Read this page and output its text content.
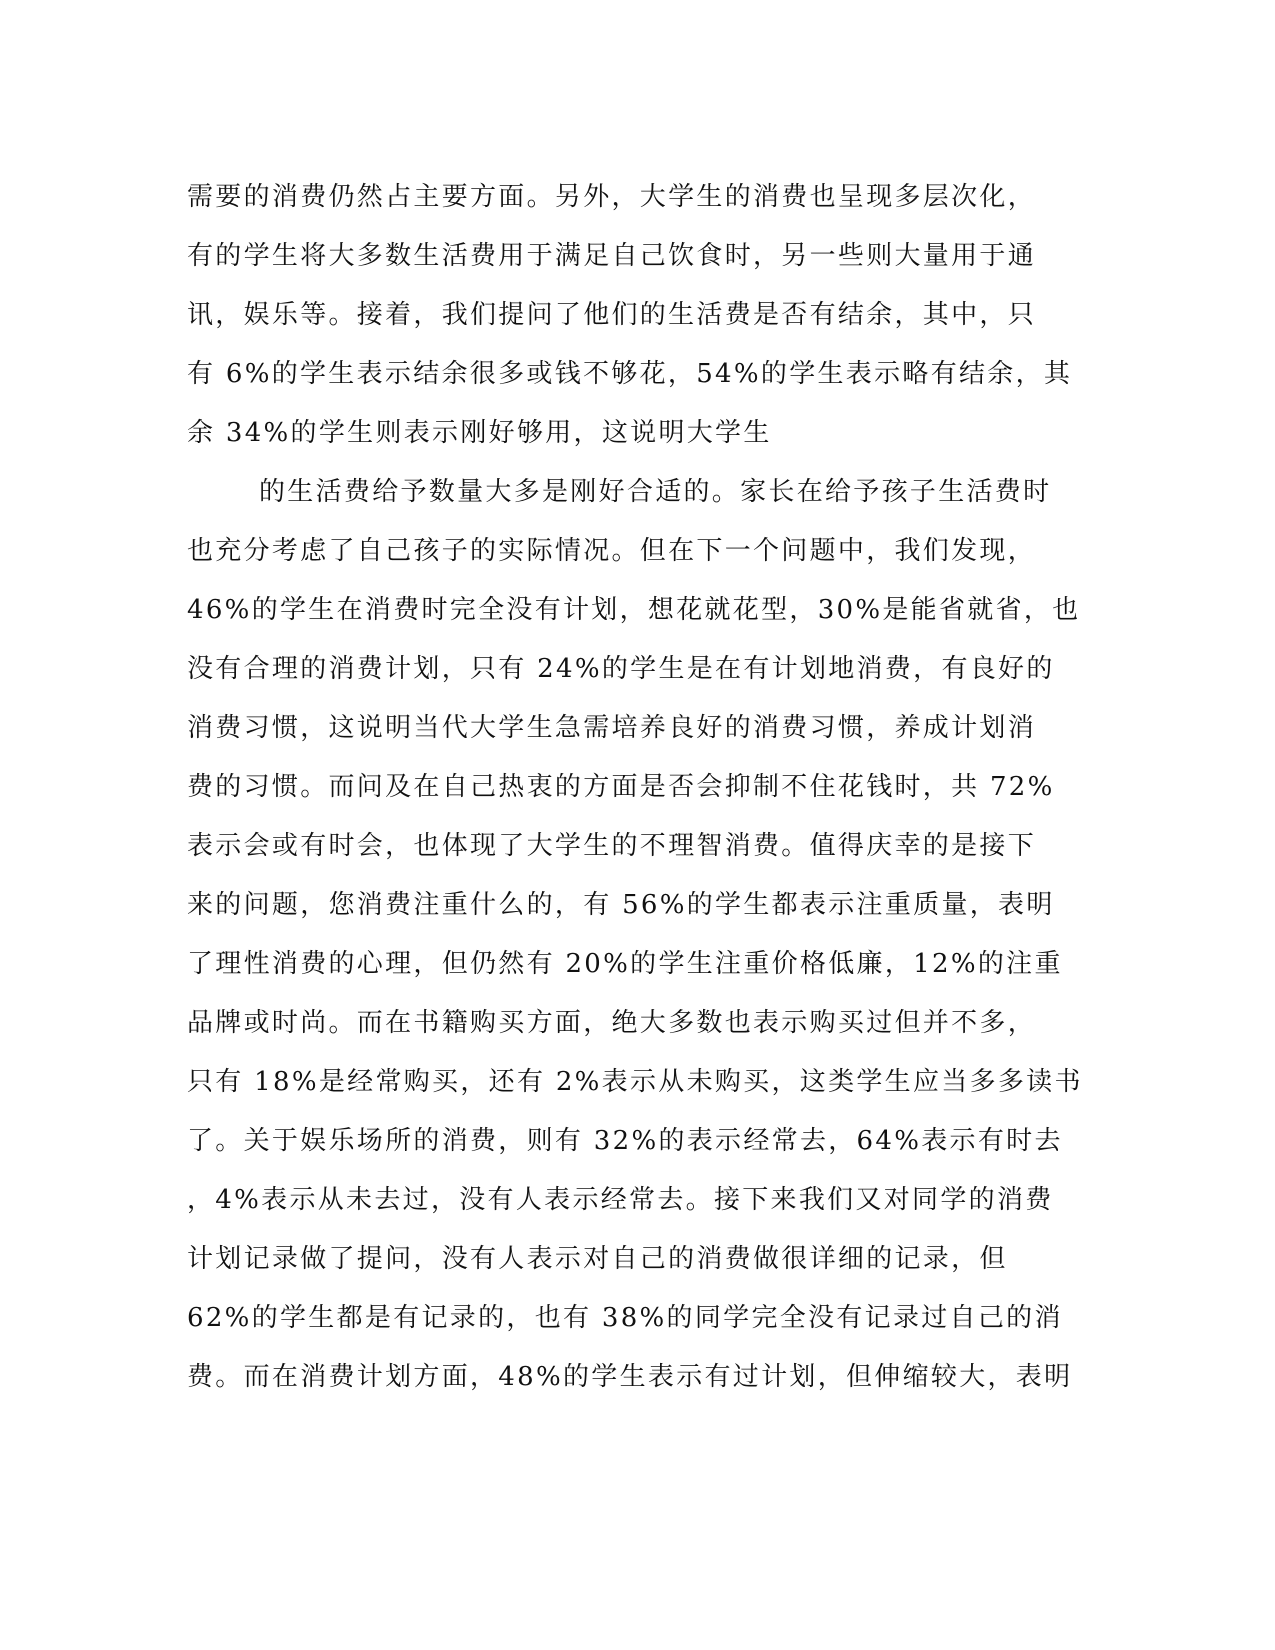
需要的消费仍然占主要方面。另外，大学生的消费也呈现多层次化，
有的学生将大多数生活费用于满足自己饮食时，另一些则大量用于通
讯，娱乐等。接着，我们提问了他们的生活费是否有结余，其中，只
有 6%的学生表示结余很多或钱不够花，54%的学生表示略有结余，其
余 34%的学生则表示刚好够用，这说明大学生
的生活费给予数量大多是刚好合适的。家长在给予孩子生活费时
也充分考虑了自己孩子的实际情况。但在下一个问题中，我们发现，
46%的学生在消费时完全没有计划，想花就花型，30%是能省就省，也
没有合理的消费计划，只有 24%的学生是在有计划地消费，有良好的
消费习惯，这说明当代大学生急需培养良好的消费习惯，养成计划消
费的习惯。而问及在自己热衷的方面是否会抑制不住花钱时，共 72%
表示会或有时会，也体现了大学生的不理智消费。值得庆幸的是接下
来的问题，您消费注重什么的，有 56%的学生都表示注重质量，表明
了理性消费的心理，但仍然有 20%的学生注重价格低廉，12%的注重
品牌或时尚。而在书籍购买方面，绝大多数也表示购买过但并不多，
只有 18%是经常购买，还有 2%表示从未购买，这类学生应当多多读书
了。关于娱乐场所的消费，则有 32%的表示经常去，64%表示有时去
，4%表示从未去过，没有人表示经常去。接下来我们又对同学的消费
计划记录做了提问，没有人表示对自己的消费做很详细的记录，但
62%的学生都是有记录的，也有 38%的同学完全没有记录过自己的消
费。而在消费计划方面，48%的学生表示有过计划，但伸缩较大，表明
